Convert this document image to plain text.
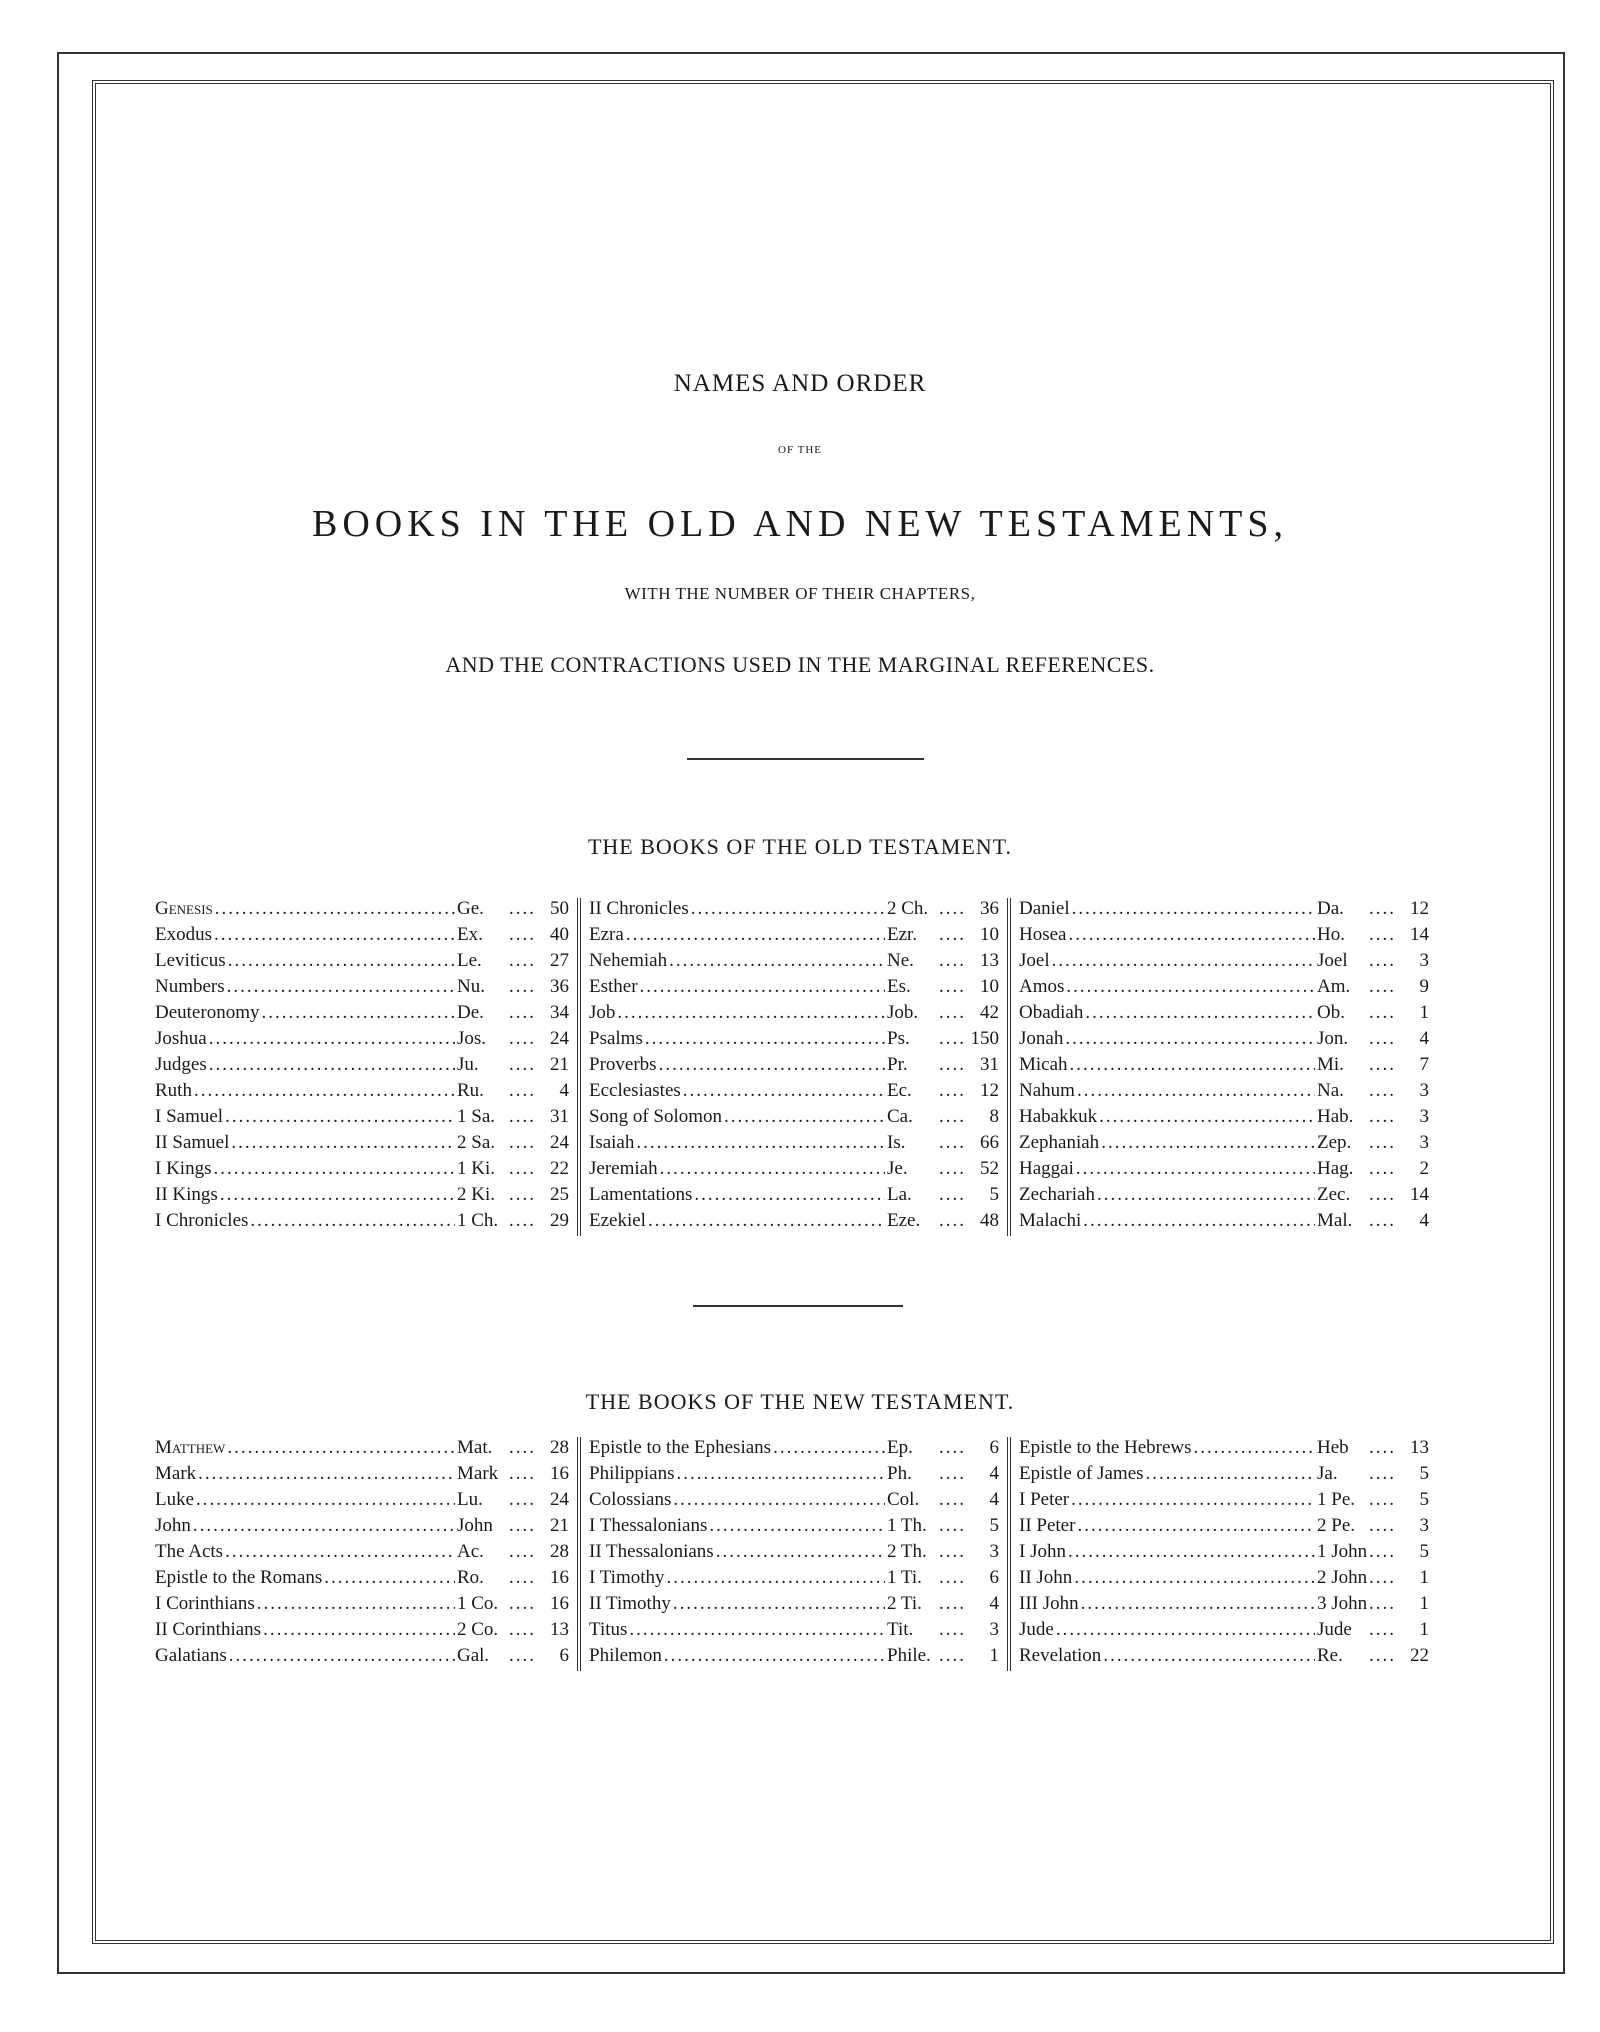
NAMES AND ORDER
OF THE
BOOKS IN THE OLD AND NEW TESTAMENTS,
WITH THE NUMBER OF THEIR CHAPTERS,
AND THE CONTRACTIONS USED IN THE MARGINAL REFERENCES.
THE BOOKS OF THE OLD TESTAMENT.
Genesis .....	Ge. .....	50
Exodus .....	Ex. .....	40
Leviticus .....	Le. .....	27
Numbers .....	Nu. .....	36
Deuteronomy .....	De. .....	34
Joshua .....	Jos. .....	24
Judges .....	Ju. .....	21
Ruth .....	Ru. .....	4
I Samuel .....	1 Sa. .....	31
II Samuel .....	2 Sa. .....	24
I Kings .....	1 Ki. .....	22
II Kings .....	2 Ki. .....	25
I Chronicles .....	1 Ch. .....	29
II Chronicles .....	2 Ch. .....	36
Ezra .....	Ezr. .....	10
Nehemiah .....	Ne. .....	13
Esther .....	Es. .....	10
Job .....	Job. .....	42
Psalms .....	Ps. .....	150
Proverbs .....	Pr. .....	31
Ecclesiastes .....	Ec. .....	12
Song of Solomon .....	Ca. .....	8
Isaiah .....	Is. .....	66
Jeremiah .....	Je. .....	52
Lamentations .....	La. .....	5
Ezekiel .....	Eze. .....	48
Daniel .....	Da. .....	12
Hosea .....	Ho. .....	14
Joel .....	Joel .....	3
Amos .....	Am. .....	9
Obadiah .....	Ob. .....	1
Jonah .....	Jon. .....	4
Micah .....	Mi. .....	7
Nahum .....	Na. .....	3
Habakkuk .....	Hab. .....	3
Zephaniah .....	Zep. .....	3
Haggai .....	Hag. .....	2
Zechariah .....	Zec. .....	14
Malachi .....	Mal. .....	4
THE BOOKS OF THE NEW TESTAMENT.
Matthew .....	Mat. .....	28
Mark .....	Mark .....	16
Luke .....	Lu. .....	24
John .....	John .....	21
The Acts .....	Ac. .....	28
Epistle to the Romans .....	Ro. .....	16
I Corinthians .....	1 Co. .....	16
II Corinthians .....	2 Co. .....	13
Galatians .....	Gal. .....	6
Epistle to the Ephesians .....	Ep. .....	6
Philippians .....	Ph. .....	4
Colossians .....	Col. .....	4
I Thessalonians .....	1 Th. .....	5
II Thessalonians .....	2 Th. .....	3
I Timothy .....	1 Ti. .....	6
II Timothy .....	2 Ti. .....	4
Titus .....	Tit. .....	3
Philemon .....	Phile. .....	1
Epistle to the Hebrews .....	Heb .....	13
Epistle of James .....	Ja. .....	5
I Peter .....	1 Pe. .....	5
II Peter .....	2 Pe. .....	3
I John .....	1 John .....	5
II John .....	2 John .....	1
III John .....	3 John .....	1
Jude .....	Jude .....	1
Revelation .....	Re. .....	22
